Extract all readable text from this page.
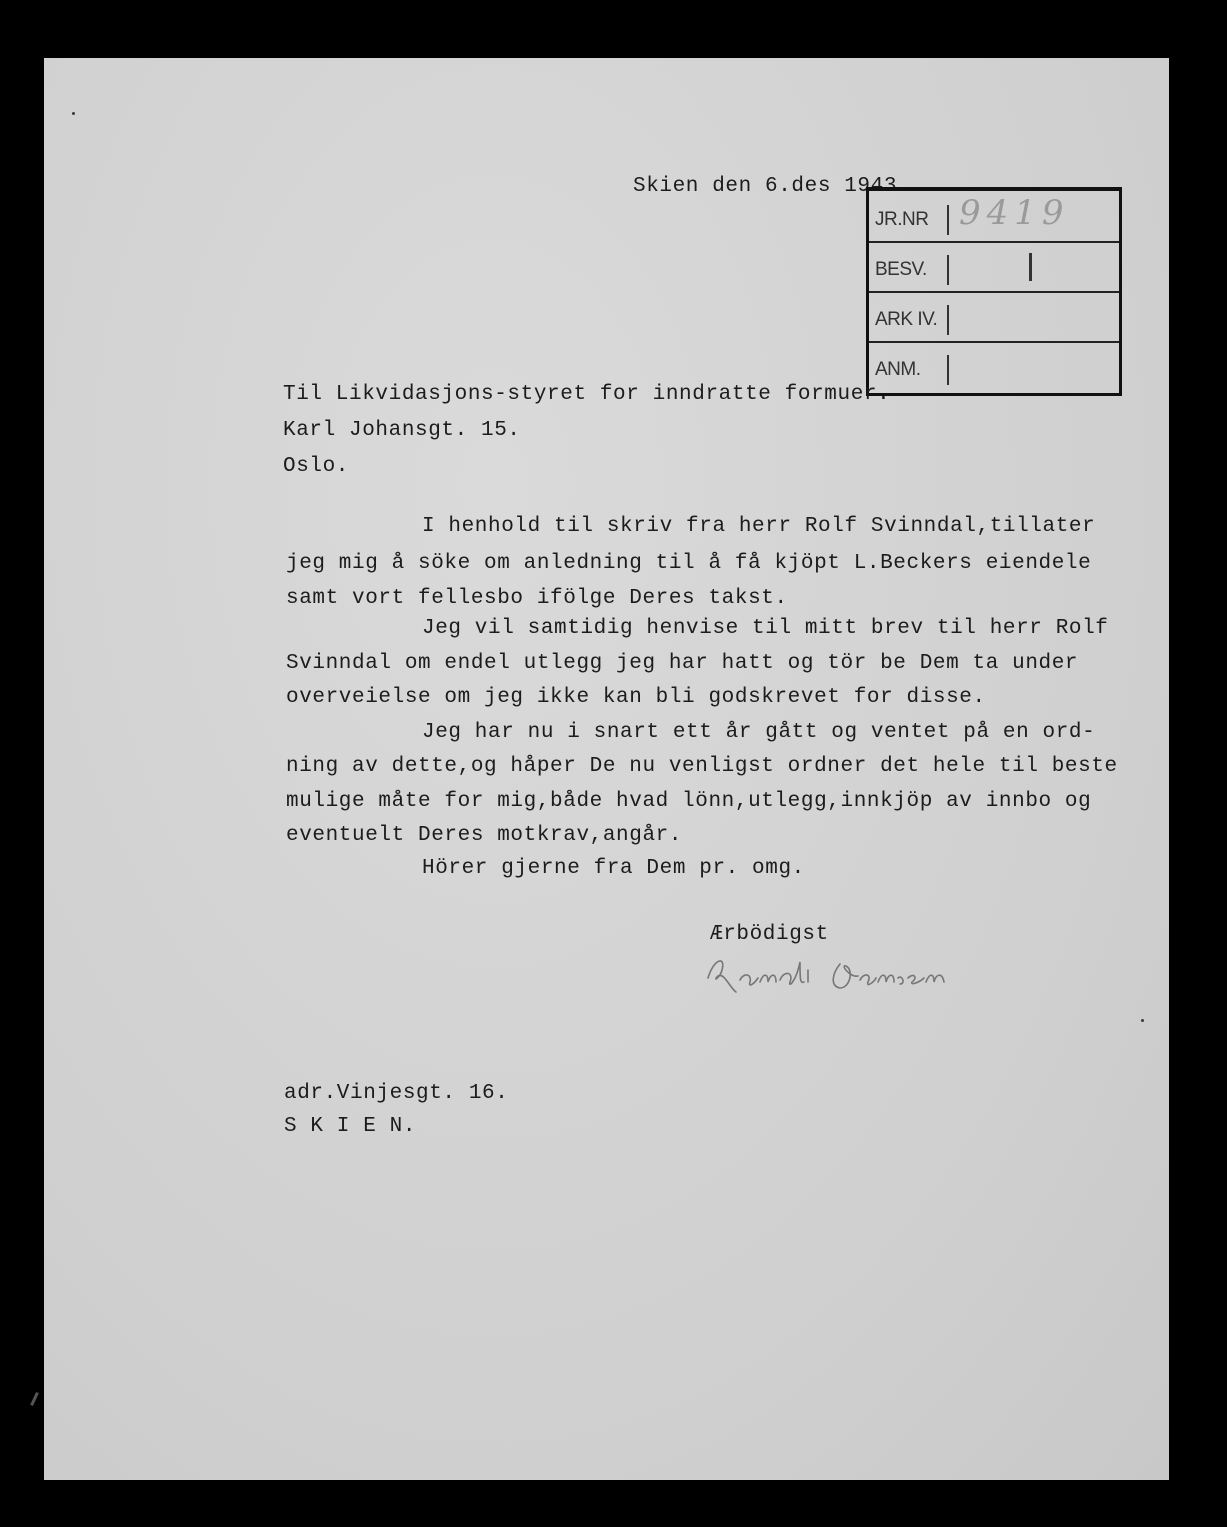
Skien den 6.des 1943.
JR.NR 9419
BESV.
ARK IV.
ANM.
Til Likvidasjons-styret for inndratte formuer.
Karl Johansgt. 15.
Oslo.
I henhold til skriv fra herr Rolf Svinndal,tillater
jeg mig å söke om anledning til å få kjöpt L.Beckers eiendele
samt vort fellesbo ifölge Deres takst.
Jeg vil samtidig henvise til mitt brev til herr Rolf
Svinndal om endel utlegg jeg har hatt og tör be Dem ta under
overveielse om jeg ikke kan bli godskrevet for disse.
Jeg har nu i snart ett år gått og ventet på en ord-
ning av dette,og håper De nu venligst ordner det hele til beste
mulige måte for mig,både hvad lönn,utlegg,innkjöp av innbo og
eventuelt Deres motkrav,angår.
Hörer gjerne fra Dem pr. omg.
Ærbödigst
adr.Vinjesgt. 16.
S K I E N.
